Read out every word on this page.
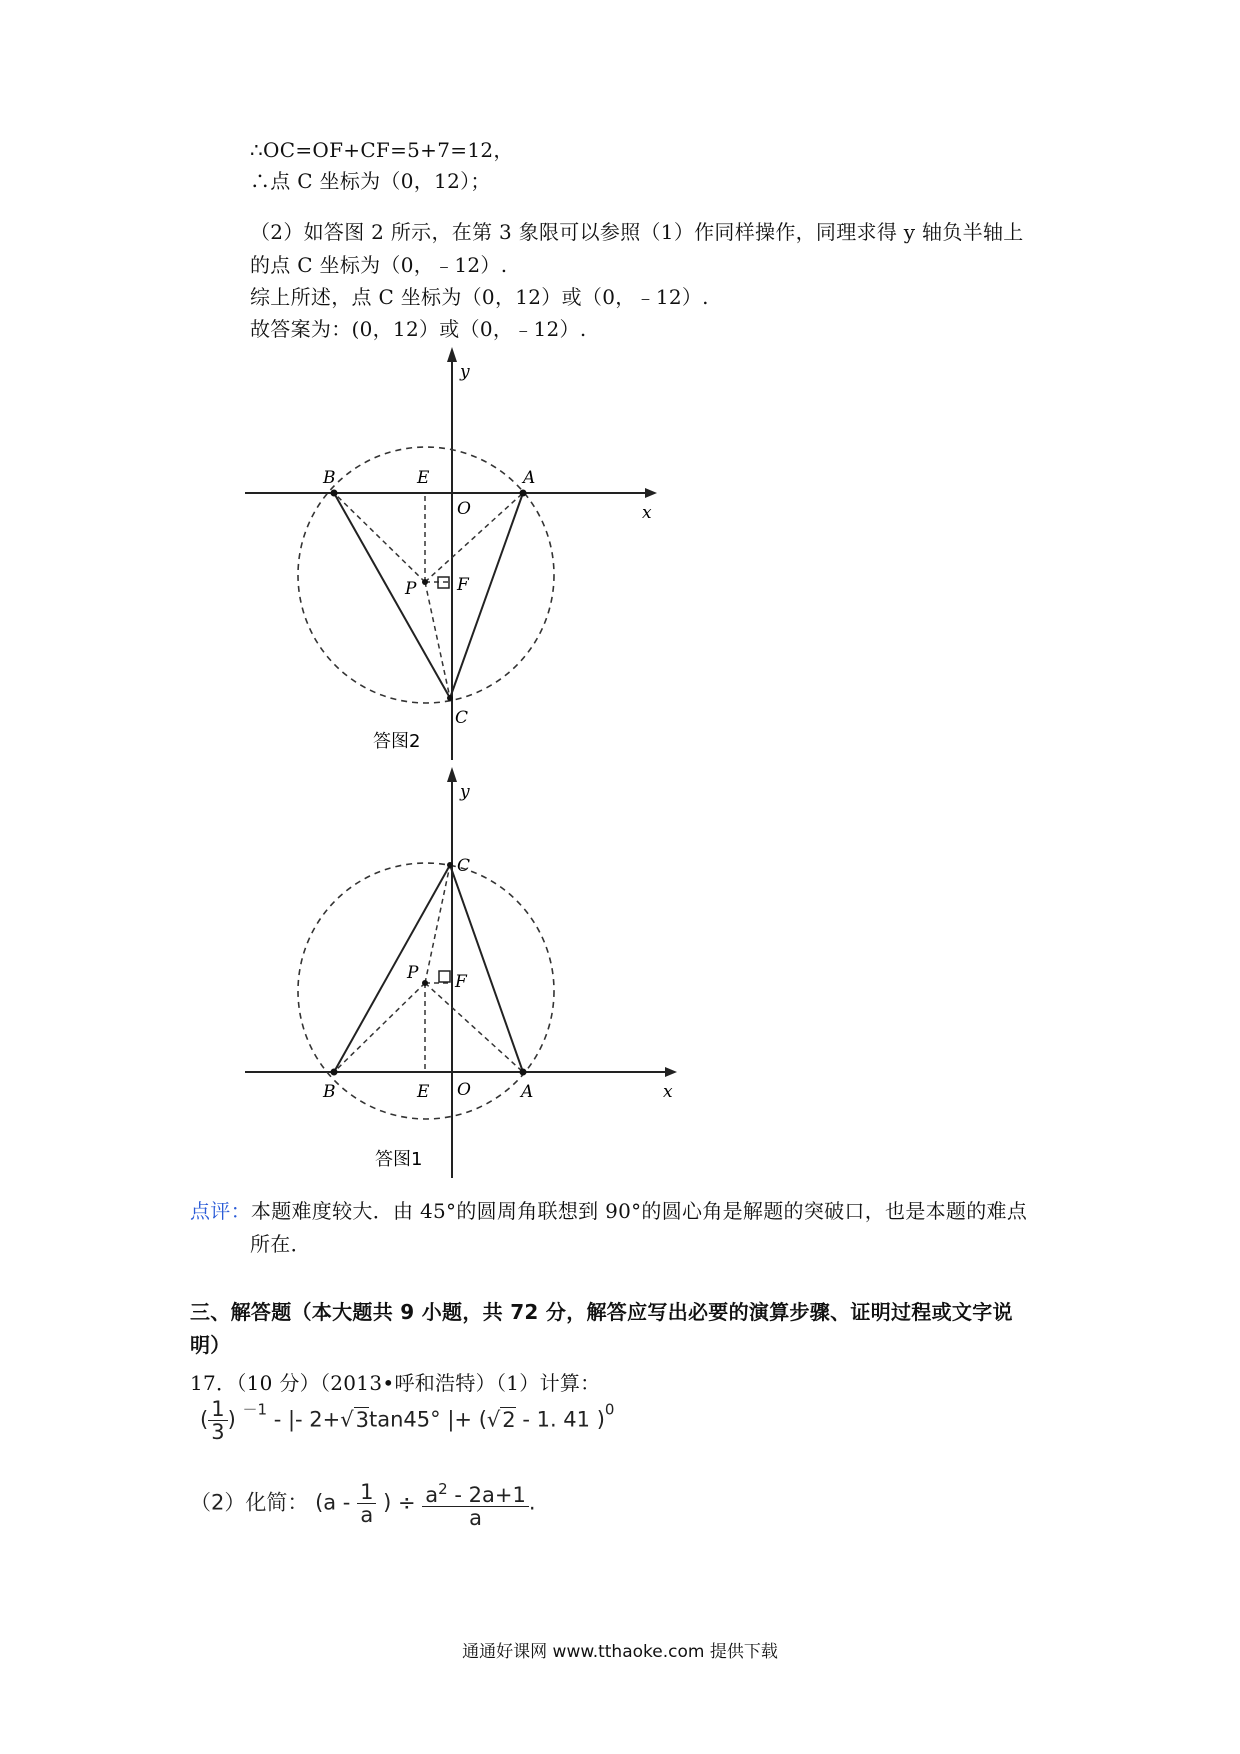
∴OC=OF+CF=5+7=12，
∴点 C 坐标为（0，12）；
（2）如答图 2 所示，在第 3 象限可以参照（1）作同样操作，同理求得 y 轴负半轴上
的点 C 坐标为（0，﹣12）.
综上所述，点 C 坐标为（0，12）或（0，﹣12）.
故答案为：(0，12）或（0，﹣12）.
y
x
B	E	A
O
P F
C
答图2
y
x
C
P F
B	E O	A
答图1
点评：本题难度较大．由 45°的圆周角联想到 90°的圆心角是解题的突破口，也是本题的难点
所在．
三、解答题（本大题共 9 小题，共 72 分，解答应写出必要的演算步骤、证明过程或文字说
明）
17．（10 分）（2013•呼和浩特）（1）计算：
( $\frac{1}{3}$ ) $^{-1}$ - |- 2+√3tan45° |+ (√2 - 1. 41 )$^0$
（2）化简： ($a - \frac{1}{a}$ ) ÷ $\frac{a^2 - 2a+1}{a}$ .
通通好课网 www.tthaoke.com 提供下载
